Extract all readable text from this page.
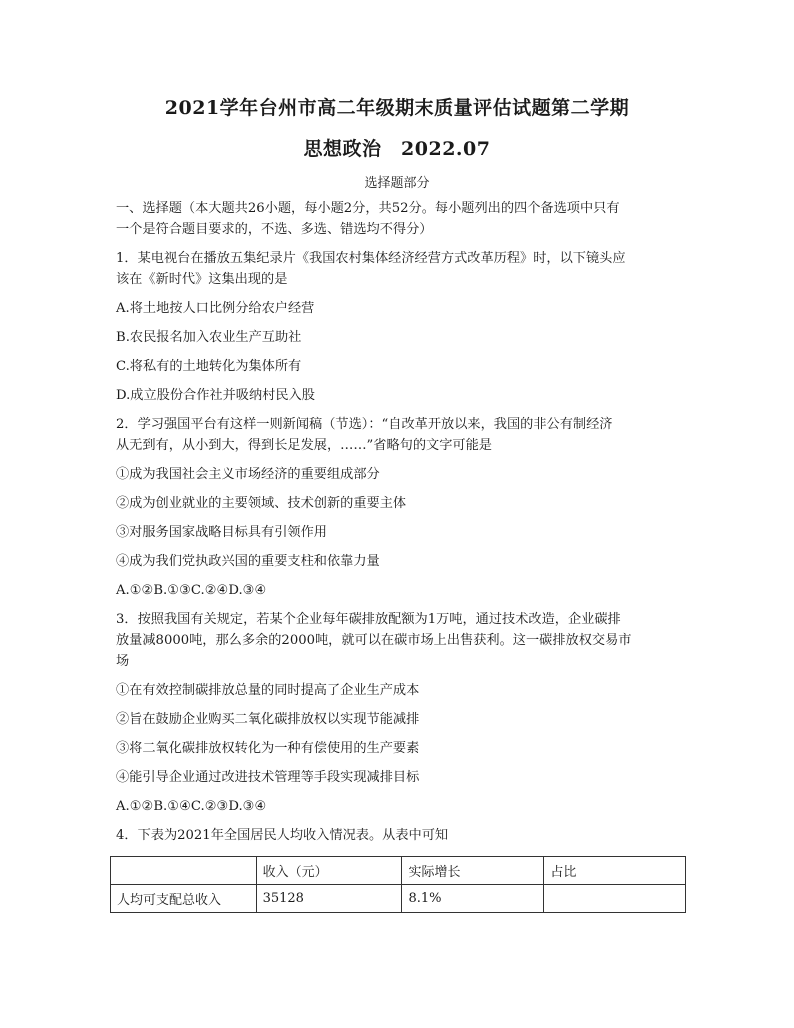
2021学年台州市高二年级期末质量评估试题第二学期
思想政治　2022.07
选择题部分

一、选择题（本大题共26小题，每小题2分，共52分。每小题列出的四个备选项中只有

一个是符合题目要求的，不选、多选、错选均不得分）

1．某电视台在播放五集纪录片《我国农村集体经济经营方式改革历程》时，以下镜头应

该在《新时代》这集出现的是

A.将土地按人口比例分给农户经营

B.农民报名加入农业生产互助社

C.将私有的土地转化为集体所有

D.成立股份合作社并吸纳村民入股

2．学习强国平台有这样一则新闻稿（节选）：“自改革开放以来，我国的非公有制经济

从无到有，从小到大，得到长足发展，……”省略句的文字可能是

①成为我国社会主义市场经济的重要组成部分

②成为创业就业的主要领域、技术创新的重要主体

③对服务国家战略目标具有引领作用

④成为我们党执政兴国的重要支柱和依靠力量

A.①②B.①③C.②④D.③④

3．按照我国有关规定，若某个企业每年碳排放配额为1万吨，通过技术改造，企业碳排

放量减8000吨，那么多余的2000吨，就可以在碳市场上出售获利。这一碳排放权交易市

场

①在有效控制碳排放总量的同时提高了企业生产成本

②旨在鼓励企业购买二氧化碳排放权以实现节能减排

③将二氧化碳排放权转化为一种有偿使用的生产要素

④能引导企业通过改进技术管理等手段实现减排目标

A.①②B.①④C.②③D.③④

4．下表为2021年全国居民人均收入情况表。从表中可知

	收入（元）	实际增长	占比
人均可支配总收入	35128	8.1%	
